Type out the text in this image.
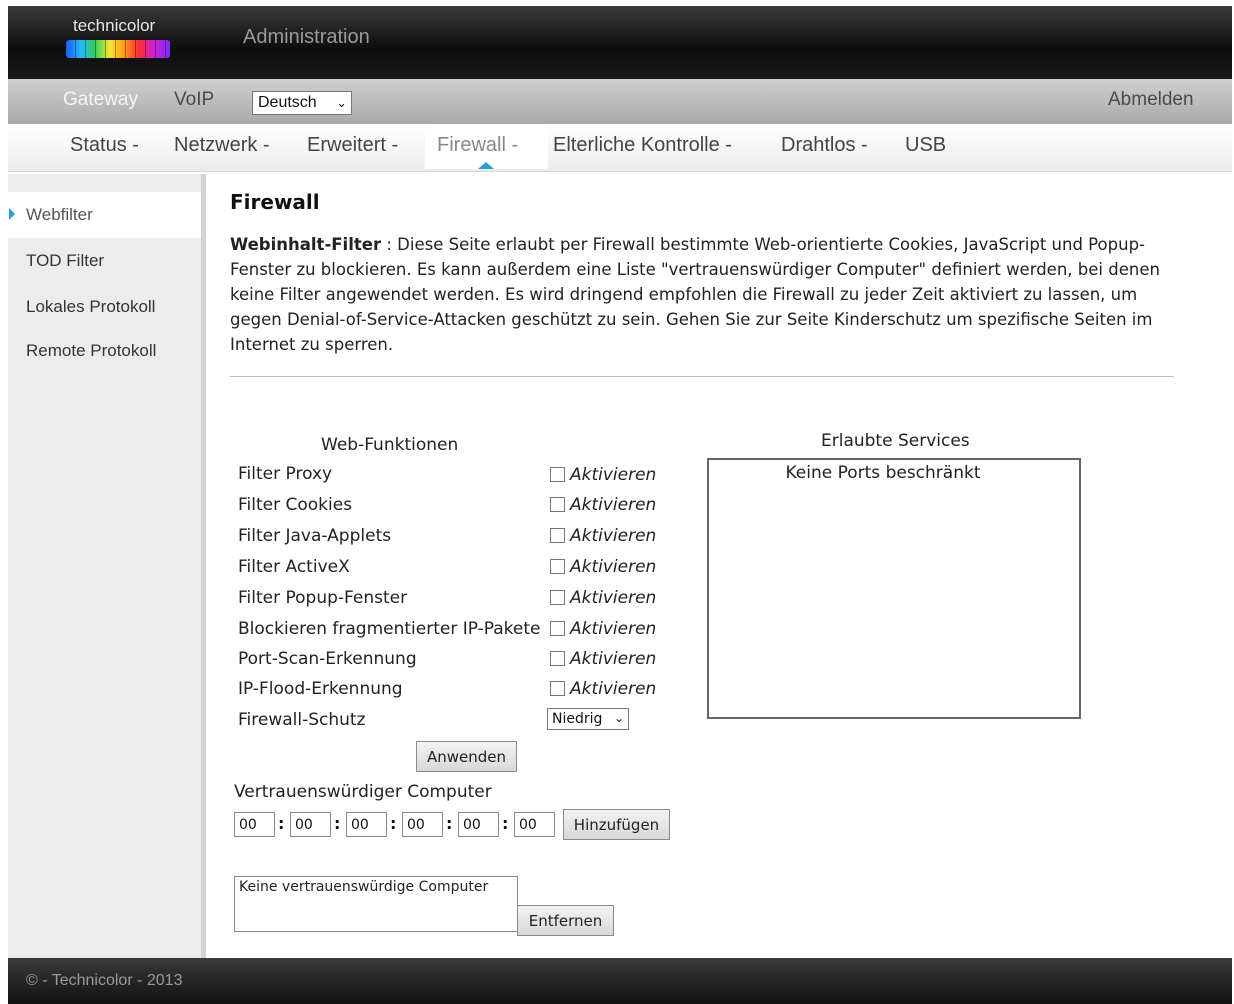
technicolor
Administration
Gateway VoIP	Deutsch ⌄	Abmelden
Status - Netzwerk - Erweitert - Firewall - Elterliche Kontrolle - Drahtlos - USB
Webfilter
TOD Filter
Lokales Protokoll
Remote Protokoll
Firewall
Webinhalt-Filter : Diese Seite erlaubt per Firewall bestimmte Web-orientierte Cookies, JavaScript und Popup-Fenster zu blockieren. Es kann außerdem eine Liste "vertrauenswürdiger Computer" definiert werden, bei denen keine Filter angewendet werden. Es wird dringend empfohlen die Firewall zu jeder Zeit aktiviert zu lassen, um gegen Denial-of-Service-Attacken geschützt zu sein. Gehen Sie zur Seite Kinderschutz um spezifische Seiten im Internet zu sperren.
Web-Funktionen
Filter Proxy	Aktivieren
Filter Cookies	Aktivieren
Filter Java-Applets	Aktivieren
Filter ActiveX	Aktivieren
Filter Popup-Fenster	Aktivieren
Blockieren fragmentierter IP-Pakete Aktivieren
Port-Scan-Erkennung	Aktivieren
IP-Flood-Erkennung	Aktivieren
Firewall-Schutz	Niedrig ⌄
Anwenden
Vertrauenswürdiger Computer
00	: 00	: 00	: 00	: 00	: 00	Hinzufügen
Keine vertrauenswürdige Computer
Entfernen
Erlaubte Services
Keine Ports beschränkt
© - Technicolor - 2013
